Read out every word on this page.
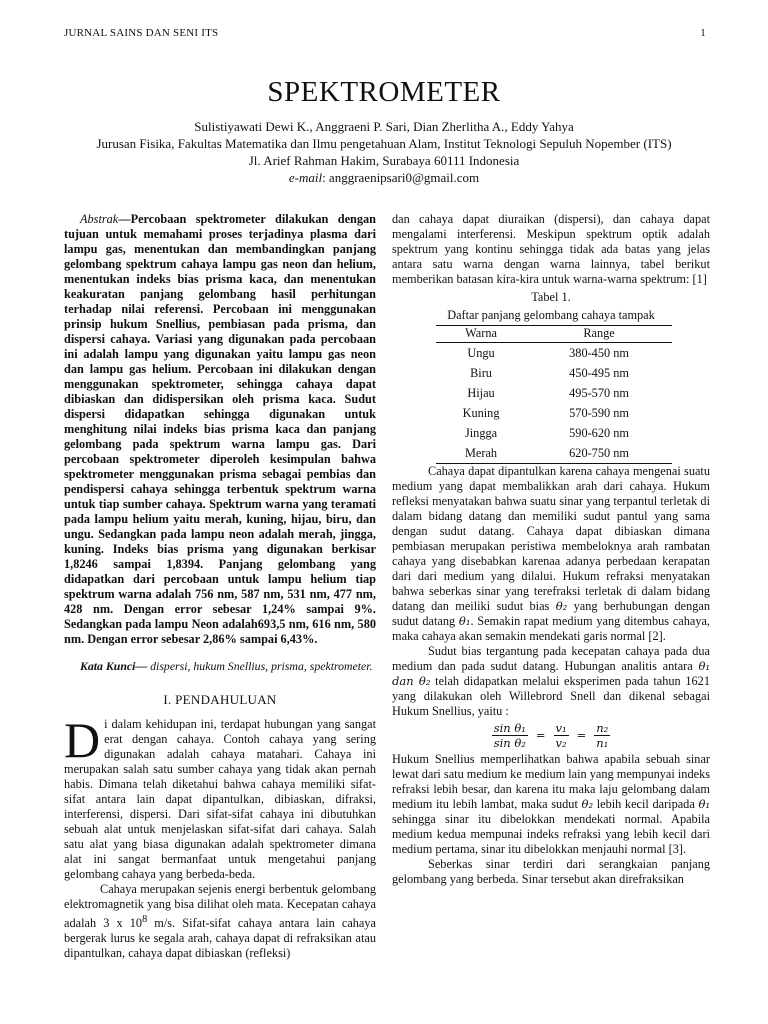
JURNAL SAINS DAN SENI ITS	1
SPEKTROMETER
Sulistiyawati Dewi K., Anggraeni P. Sari, Dian Zherlitha A., Eddy Yahya
Jurusan Fisika, Fakultas Matematika dan Ilmu pengetahuan Alam, Institut Teknologi Sepuluh Nopember (ITS)
Jl. Arief Rahman Hakim, Surabaya 60111 Indonesia
e-mail: anggraenipsari0@gmail.com

Abstrak—Percobaan spektrometer dilakukan dengan tujuan untuk memahami proses terjadinya plasma dari lampu gas, menentukan dan membandingkan panjang gelombang spektrum cahaya lampu gas neon dan helium, menentukan indeks bias prisma kaca, dan menentukan keakuratan panjang gelombang hasil perhitungan terhadap nilai referensi. Percobaan ini menggunakan prinsip hukum Snellius, pembiasan pada prisma, dan dispersi cahaya. Variasi yang digunakan pada percobaan ini adalah lampu yang digunakan yaitu lampu gas neon dan lampu gas helium. Percobaan ini dilakukan dengan menggunakan spektrometer, sehingga cahaya dapat dibiaskan dan didispersikan oleh prisma kaca. Sudut dispersi didapatkan sehingga digunakan untuk menghitung nilai indeks bias prisma kaca dan panjang gelombang pada spektrum warna lampu gas. Dari percobaan spektrometer diperoleh kesimpulan bahwa spektrometer menggunakan prisma sebagai pembias dan pendispersi cahaya sehingga terbentuk spektrum warna untuk tiap sumber cahaya. Spektrum warna yang teramati pada lampu helium yaitu merah, kuning, hijau, biru, dan ungu. Sedangkan pada lampu neon adalah merah, jingga, kuning. Indeks bias prisma yang digunakan berkisar 1,8246 sampai 1,8394. Panjang gelombang yang didapatkan dari percobaan untuk lampu helium tiap spektrum warna adalah 756 nm, 587 nm, 531 nm, 477 nm, 428 nm. Dengan error sebesar 1,24% sampai 9%. Sedangkan pada lampu Neon adalah693,5 nm, 616 nm, 580 nm. Dengan error sebesar 2,86% sampai 6,43%.

Kata Kunci— dispersi, hukum Snellius, prisma, spektrometer.

I. PENDAHULUAN

Di dalam kehidupan ini, terdapat hubungan yang sangat erat dengan cahaya. Contoh cahaya yang sering digunakan adalah cahaya matahari. Cahaya ini merupakan salah satu sumber cahaya yang tidak akan pernah habis. Dimana telah diketahui bahwa cahaya memiliki sifat-sifat antara lain dapat dipantulkan, dibiaskan, difraksi, interferensi, dispersi. Dari sifat-sifat cahaya ini dibutuhkan sebuah alat untuk menjelaskan sifat-sifat dari cahaya. Salah satu alat yang biasa digunakan adalah spektrometer dimana alat ini sangat bermanfaat untuk mengetahui panjang gelombang cahaya yang berbeda-beda.

Cahaya merupakan sejenis energi berbentuk gelombang elektromagnetik yang bisa dilihat oleh mata. Kecepatan cahaya adalah 3 x $10^8$ m/s. Sifat-sifat cahaya antara lain cahaya bergerak lurus ke segala arah, cahaya dapat di refraksikan atau dipantulkan, cahaya dapat dibiaskan (refleksi)

dan cahaya dapat diuraikan (dispersi), dan cahaya dapat mengalami interferensi. Meskipun spektrum optik adalah spektrum yang kontinu sehingga tidak ada batas yang jelas antara satu warna dengan warna lainnya, tabel berikut memberikan batasan kira-kira untuk warna-warna spektrum: [1]

Tabel 1.
Daftar panjang gelombang cahaya tampak
Warna	Range
Ungu	380-450 nm
Biru	450-495 nm
Hijau	495-570 nm
Kuning	570-590 nm
Jingga	590-620 nm
Merah	620-750 nm

Cahaya dapat dipantulkan karena cahaya mengenai suatu medium yang dapat membalikkan arah dari cahaya. Hukum refleksi menyatakan bahwa suatu sinar yang terpantul terletak di dalam bidang datang dan memiliki sudut pantul yang sama dengan sudut datang. Cahaya dapat dibiaskan dimana pembiasan merupakan peristiwa membeloknya arah rambatan cahaya yang disebabkan karenaa adanya perbedaan kerapatan dari dari medium yang dilalui. Hukum refraksi menyatakan bahwa seberkas sinar yang terefraksi terletak di dalam bidang datang dan meiliki sudut bias θ₂ yang berhubungan dengan sudut datang θ₁. Semakin rapat medium yang ditembus cahaya, maka cahaya akan semakin mendekati garis normal [2].

Sudut bias tergantung pada kecepatan cahaya pada dua medium dan pada sudut datang. Hubungan analitis antara θ₁ dan θ₂ telah didapatkan melalui eksperimen pada tahun 1621 yang dilakukan oleh Willebrord Snell dan dikenal sebagai Hukum Snellius, yaitu :

$\frac{\text{sin θ₁}}{\text{sin θ₂}} = \frac{\text{v₁}}{\text{v₂}} = \frac{\text{n₂}}{\text{n₁}}$

Hukum Snellius memperlihatkan bahwa apabila sebuah sinar lewat dari satu medium ke medium lain yang mempunyai indeks refraksi lebih besar, dan karena itu maka laju gelombang dalam medium itu lebih lambat, maka sudut θ₂ lebih kecil daripada θ₁ sehingga sinar itu dibelokkan mendekati normal. Apabila medium kedua mempunai indeks refraksi yang lebih kecil dari medium pertama, sinar itu dibelokkan menjauhi normal [3].

Seberkas sinar terdiri dari serangkaian panjang gelombang yang berbeda. Sinar tersebut akan direfraksikan
